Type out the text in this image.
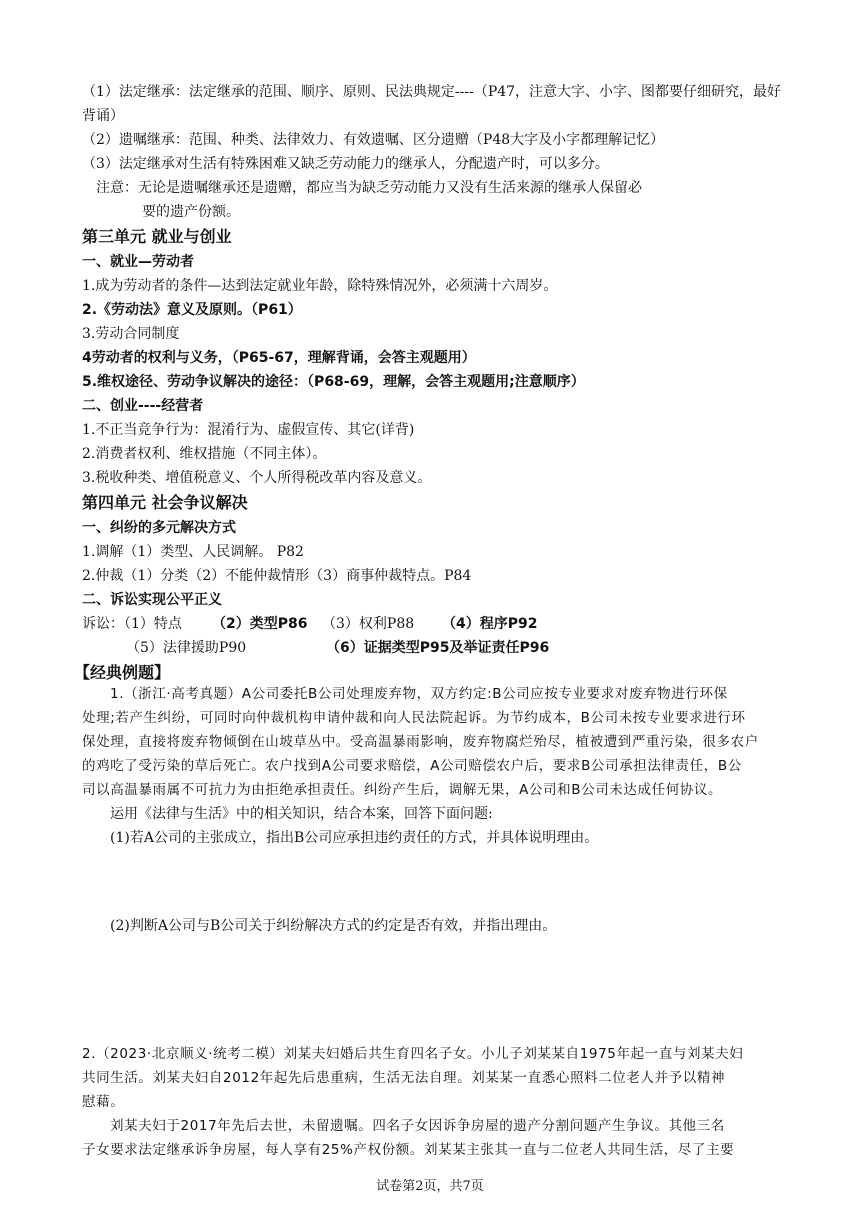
（1）法定继承：法定继承的范围、顺序、原则、民法典规定----（P47，注意大字、小字、图都要仔细研究，最好背诵）

（2）遗嘱继承：范围、种类、法律效力、有效遗嘱、区分遗赠（P48大字及小字都理解记忆）

（3）法定继承对生活有特殊困难又缺乏劳动能力的继承人，分配遗产时，可以多分。

注意：无论是遗嘱继承还是遗赠，都应当为缺乏劳动能力又没有生活来源的继承人保留必

要的遗产份额。

第三单元 就业与创业

一、就业—劳动者

1.成为劳动者的条件—达到法定就业年龄，除特殊情况外，必须满十六周岁。

2.《劳动法》意义及原则。（P61）

3.劳动合同制度

4劳动者的权利与义务，（P65-67，理解背诵，会答主观题用）

5.维权途径、劳动争议解决的途径：（P68-69，理解，会答主观题用;注意顺序）

二、创业----经营者

1.不正当竞争行为：混淆行为、虚假宣传、其它(详背)

2.消费者权利、维权措施（不同主体）。

3.税收种类、增值税意义、个人所得税改革内容及意义。

第四单元 社会争议解决

一、纠纷的多元解决方式

1.调解（1）类型、人民调解。 P82

2.仲裁（1）分类（2）不能仲裁情形（3）商事仲裁特点。P84

二、诉讼实现公平正义

诉讼：（1）特点 （2）类型P86 （3）权利P88 （4）程序P92
（5）法律援助P90	（6）证据类型P95及举证责任P96

【经典例题】

1.（浙江·高考真题）A公司委托B公司处理废弃物，双方约定:B公司应按专业要求对废弃物进行环保

处理;若产生纠纷，可同时向仲裁机构申请仲裁和向人民法院起诉。为节约成本，B公司未按专业要求进行环

保处理，直接将废弃物倾倒在山坡草丛中。受高温暴雨影响，废弃物腐烂殆尽，植被遭到严重污染，很多农户

的鸡吃了受污染的草后死亡。农户找到A公司要求赔偿，A公司赔偿农户后，要求B公司承担法律责任，B公

司以高温暴雨属不可抗力为由拒绝承担责任。纠纷产生后，调解无果，A公司和B公司未达成任何协议。

运用《法律与生活》中的相关知识，结合本案，回答下面问题:

(1)若A公司的主张成立，指出B公司应承担违约责任的方式，并具体说明理由。

(2)判断A公司与B公司关于纠纷解决方式的约定是否有效，并指出理由。

2.（2023·北京顺义·统考二模）刘某夫妇婚后共生育四名子女。小儿子刘某某自1975年起一直与刘某夫妇

共同生活。刘某夫妇自2012年起先后患重病，生活无法自理。刘某某一直悉心照料二位老人并予以精神

慰藉。

刘某夫妇于2017年先后去世，未留遗嘱。四名子女因诉争房屋的遗产分割问题产生争议。其他三名

子女要求法定继承诉争房屋，每人享有25%产权份额。刘某某主张其一直与二位老人共同生活，尽了主要

试卷第2页，共7页
